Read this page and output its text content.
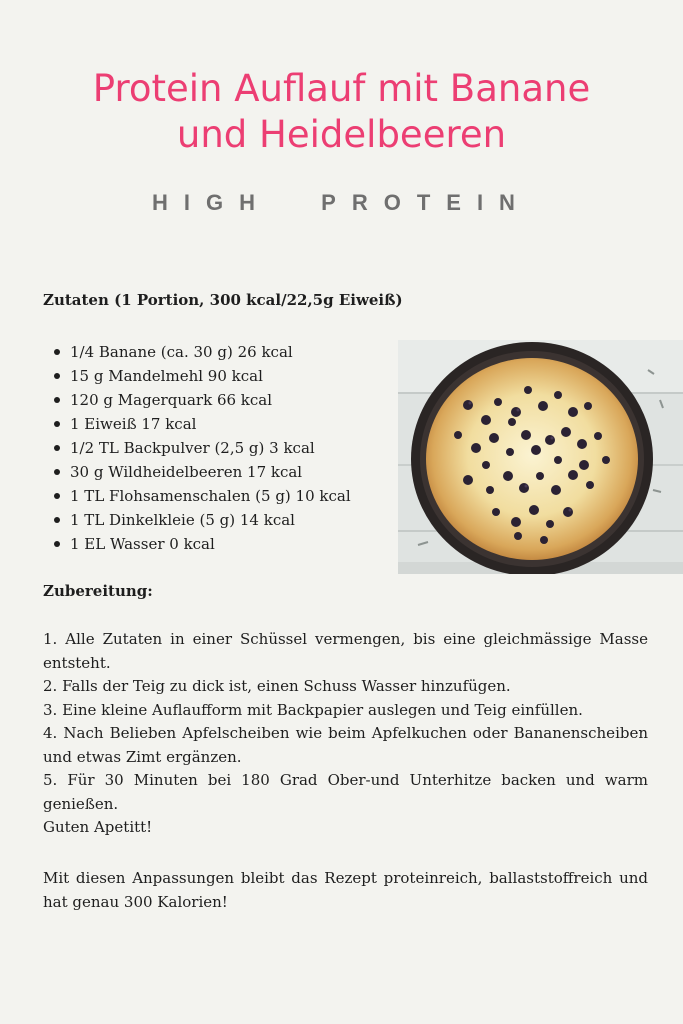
Protein Auflauf mit Banane
und Heidelbeeren
HIGH PROTEIN
Zutaten (1 Portion, 300 kcal/22,5g Eiweiß)
1/4 Banane (ca. 30 g) 26 kcal
15 g Mandelmehl 90 kcal
120 g Magerquark 66 kcal
1 Eiweiß 17 kcal
1/2 TL Backpulver (2,5 g) 3 kcal
30 g Wildheidelbeeren 17 kcal
1 TL Flohsamenschalen (5 g) 10 kcal
1 TL Dinkelkleie (5 g) 14 kcal
1 EL Wasser 0 kcal
Zubereitung:

1. Alle Zutaten in einer Schüssel vermengen, bis eine gleichmässige Masse entsteht.

2. Falls der Teig zu dick ist, einen Schuss Wasser hinzufügen.

3. Eine kleine Auflaufform mit Backpapier auslegen und Teig einfüllen.

4. Nach Belieben Apfelscheiben wie beim Apfelkuchen oder Bananenscheiben und etwas Zimt ergänzen.

5. Für 30 Minuten bei 180 Grad Ober-und Unterhitze backen und warm genießen.

Guten Apetitt!

Mit diesen Anpassungen bleibt das Rezept proteinreich, ballaststoffreich und hat genau 300 Kalorien!
